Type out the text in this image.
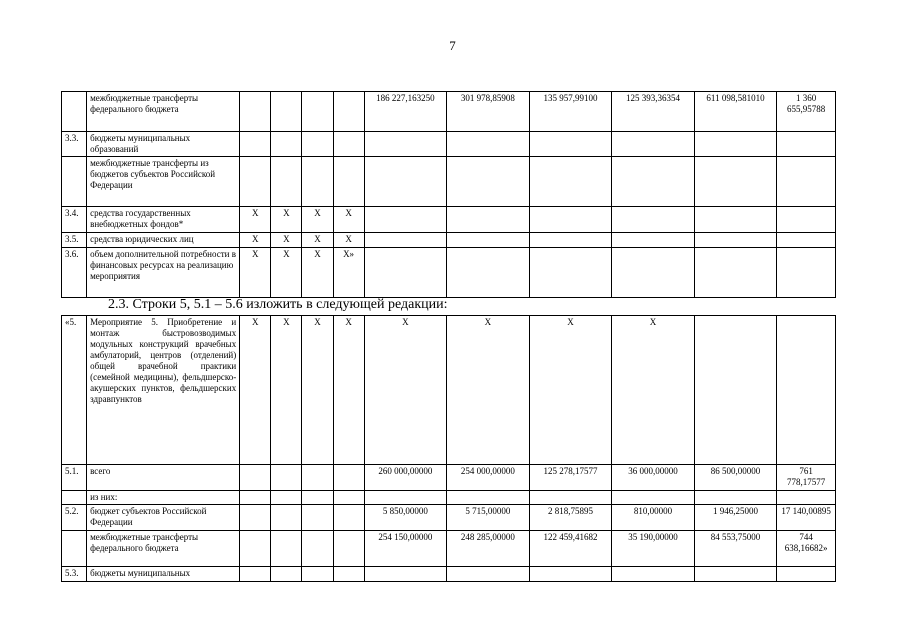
7
	межбюджетные трансферты федерального бюджета					186 227,163250	301 978,85908	135 957,99100	125 393,36354	611 098,581010	1 360 655,95788
3.3.	бюджеты муниципальных образований										
	межбюджетные трансферты из бюджетов субъектов Российской Федерации										
3.4.	средства государственных внебюджетных фондов*	X	X	X	X						
3.5.	средства юридических лиц	X	X	X	X						
3.6.	объем дополнительной потребности в финансовых ресурсах на реализацию мероприятия	X	X	X	X»						
2.3. Строки 5, 5.1 – 5.6 изложить в следующей редакции:
«5.	Мероприятие 5. Приобретение и монтаж быстровозводимых модульных конструкций врачебных амбулаторий, центров (отделений) общей врачебной практики (семейной медицины), фельдшерско-акушерских пунктов, фельдшерских здравпунктов	X	X	X	X	X	X	X	X		
5.1.	всего					260 000,00000	254 000,00000	125 278,17577	36 000,00000	86 500,00000	761 778,17577
	из них:										
5.2.	бюджет субъектов Российской Федерации					5 850,00000	5 715,00000	2 818,75895	810,00000	1 946,25000	17 140,00895
	межбюджетные трансферты федерального бюджета					254 150,00000	248 285,00000	122 459,41682	35 190,00000	84 553,75000	744 638,16682»
5.3.	бюджеты муниципальных										
